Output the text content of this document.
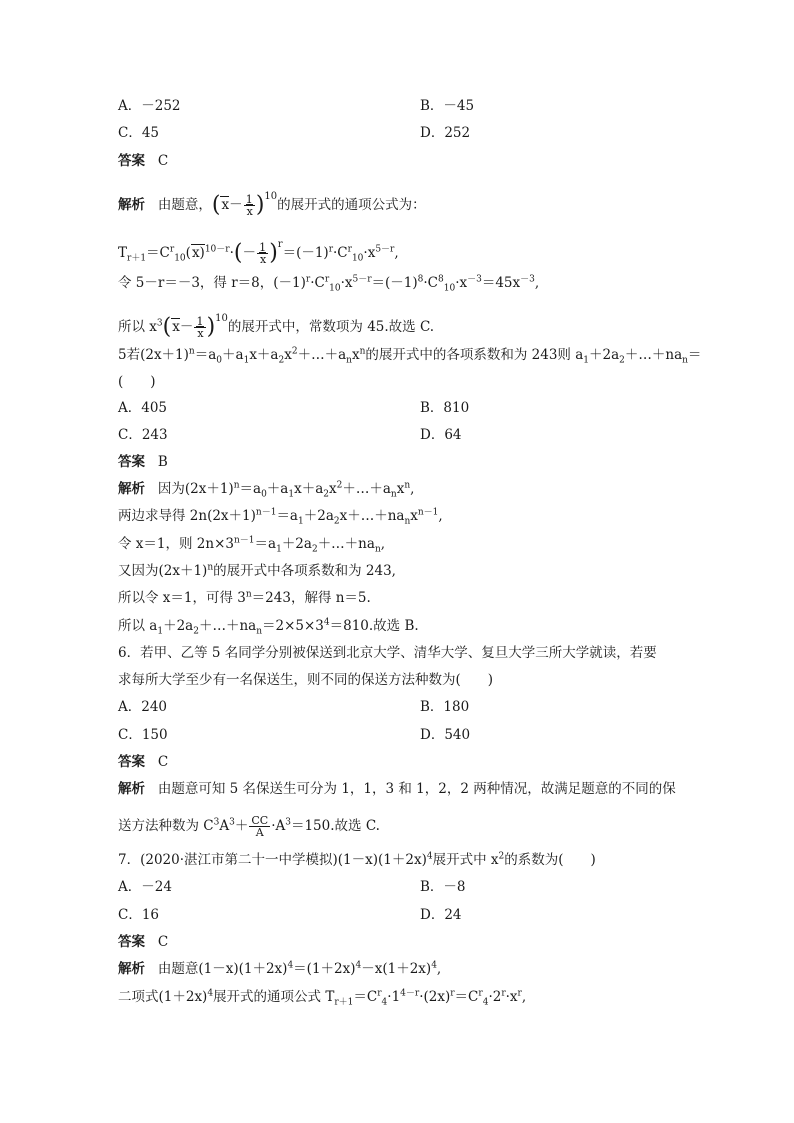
A．－252	B．－45
C．45	D．252
答案 C
解析 由题意，$(x- \frac{1}{x} )^{10}$的展开式的通项公式为：
$T_{r+1}=C^r_{10}(x)^{10-r}\cdot(- \frac{1}{x} )^r=(-1)^r\cdot C^r_{10}\cdot x^{5-r}$,
令 5－r＝－3，得 r＝8，$(-1)^r\cdot C^r_{10}\cdot x^{5-r}=(-1)^8\cdot C^8_{10}\cdot x^{-3}=45x^{-3}$,
所以 $x^3(x- \frac{1}{x} )^{10}$的展开式中，常数项为 45.故选 C.
5若$(2x+1)^n=a_0+a_1x+a_2x^2+\dots+a_nx^n$的展开式中的各项系数和为 243则 $a_1+2a_2+\dots+na_n=$
(　　)
A．405	B．810
C．243	D．64
答案 B
解析 因为$(2x+1)^n=a_0+a_1x+a_2x^2+\dots+a_nx^n$,
两边求导得 $2n(2x+1)^{n-1}=a_1+2a_2x+\dots+na_nx^{n-1}$,
令 x＝1，则 $2n\times 3^{n-1}=a_1+2a_2+\dots+na_n$,
又因为$(2x+1)^n$的展开式中各项系数和为 243,
所以令 x＝1，可得 $3^n=243$，解得 n＝5.
所以 $a_1+2a_2+\dots+na_n=2\times 5\times 3^4=810$.故选 B.
6．若甲、乙等 5 名同学分别被保送到北京大学、清华大学、复旦大学三所大学就读，若要
求每所大学至少有一名保送生，则不同的保送方法种数为(　　)
A．240	B．180
C．150	D．540
答案 C
解析 由题意可知 5 名保送生可分为 1，1，3 和 1，2，2 两种情况，故满足题意的不同的保
送方法种数为 $C^3A^3+ \frac{CC}{A} \cdot A^3=150$.故选 C.
7．(2020·湛江市第二十一中学模拟)$(1-x)(1+2x)^4$展开式中 $x^2$的系数为(　　)
A．－24	B．－8
C．16	D．24
答案 C
解析 由题意$(1-x)(1+2x)^4=(1+2x)^4-x(1+2x)^4$,
二项式$(1+2x)^4$展开式的通项公式 $T_{r+1}=C^r_4\cdot 1^{4-r}\cdot(2x)^r=C^r_4\cdot 2^r\cdot x^r$,
